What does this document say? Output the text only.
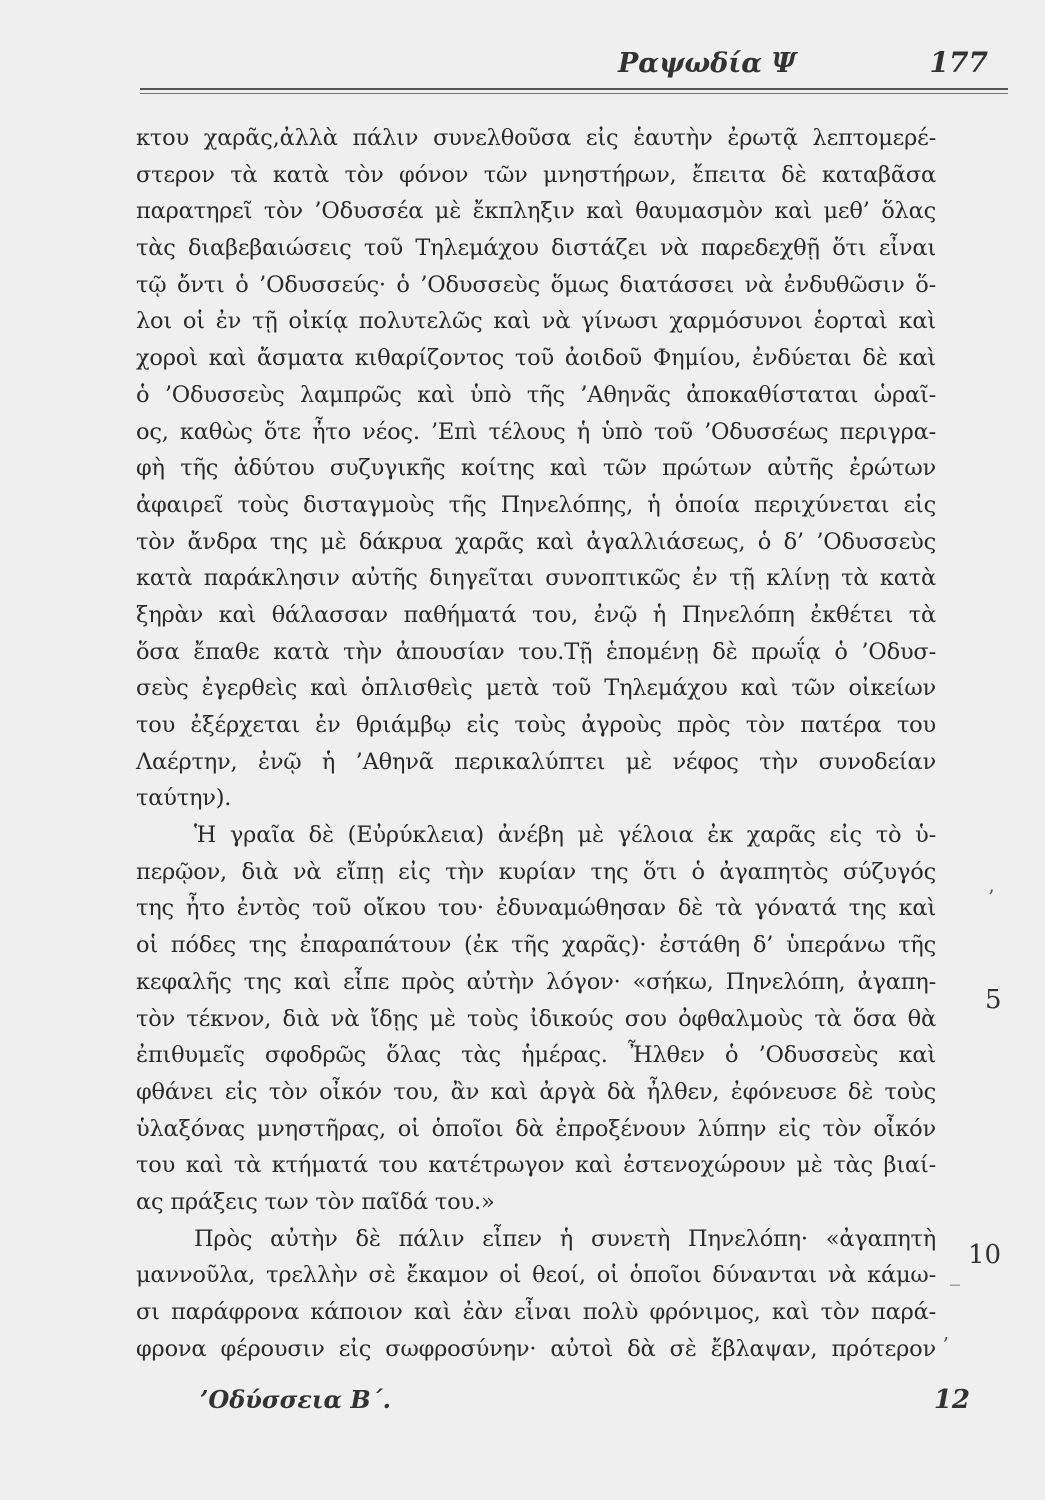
Ραψωδία Ψ	177
κτου χαρᾶς,ἀλλὰ πάλιν συνελθοῦσα εἰς ἑαυτὴν ἐρωτᾷ λεπτομερέ-
στερον τὰ κατὰ τὸν φόνον τῶν μνηστήρων, ἔπειτα δὲ καταβᾶσα
παρατηρεῖ τὸν ’Οδυσσέα μὲ ἔκπληξιν καὶ θαυμασμὸν καὶ μεθ’ ὅλας
τὰς διαβεβαιώσεις τοῦ Τηλεμάχου διστάζει νὰ παρεδεχθῇ ὅτι εἶναι
τῷ ὄντι ὁ ’Οδυσσεύς· ὁ ’Οδυσσεὺς ὅμως διατάσσει νὰ ἐνδυθῶσιν ὅ-
λοι οἱ ἐν τῇ οἰκίᾳ πολυτελῶς καὶ νὰ γίνωσι χαρμόσυνοι ἑορταὶ καὶ
χοροὶ καὶ ἄσματα κιθαρίζοντος τοῦ ἀοιδοῦ Φημίου, ἐνδύεται δὲ καὶ
ὁ ’Οδυσσεὺς λαμπρῶς καὶ ὑπὸ τῆς ’Αθηνᾶς ἀποκαθίσταται ὡραῖ-
ος, καθὼς ὅτε ἦτο νέος. ’Επὶ τέλους ἡ ὑπὸ τοῦ ’Οδυσσέως περιγρα-
φὴ τῆς ἀδύτου συζυγικῆς κοίτης καὶ τῶν πρώτων αὐτῆς ἐρώτων
ἀφαιρεῖ τοὺς δισταγμοὺς τῆς Πηνελόπης, ἡ ὁποία περιχύνεται εἰς
τὸν ἄνδρα της μὲ δάκρυα χαρᾶς καὶ ἀγαλλιάσεως, ὁ δ’ ’Οδυσσεὺς
κατὰ παράκλησιν αὐτῆς διηγεῖται συνοπτικῶς ἐν τῇ κλίνῃ τὰ κατὰ
ξηρὰν καὶ θάλασσαν παθήματά του, ἐνῷ ἡ Πηνελόπη ἐκθέτει τὰ
ὅσα ἔπαθε κατὰ τὴν ἀπουσίαν του.Τῇ ἑπομένῃ δὲ πρωΐᾳ ὁ ’Οδυσ-
σεὺς ἐγερθεὶς καὶ ὁπλισθεὶς μετὰ τοῦ Τηλεμάχου καὶ τῶν οἰκείων
του ἐξέρχεται ἐν θριάμβῳ εἰς τοὺς ἀγροὺς πρὸς τὸν πατέρα του
Λαέρτην, ἐνῷ ἡ ’Αθηνᾶ περικαλύπτει μὲ νέφος τὴν συνοδείαν
ταύτην).
Ἡ γραῖα δὲ (Εὐρύκλεια) ἀνέβη μὲ γέλοια ἐκ χαρᾶς εἰς τὸ ὑ-
περῷον, διὰ νὰ εἴπῃ εἰς τὴν κυρίαν της ὅτι ὁ ἀγαπητὸς σύζυγός
της ἦτο ἐντὸς τοῦ οἴκου του· ἐδυναμώθησαν δὲ τὰ γόνατά της καὶ
οἱ πόδες της ἐπαραπάτουν (ἐκ τῆς χαρᾶς)· ἐστάθη δ’ ὑπεράνω τῆς
κεφαλῆς της καὶ εἶπε πρὸς αὐτὴν λόγον· «σήκω, Πηνελόπη, ἀγαπη-
τὸν τέκνον, διὰ νὰ ἴδῃς μὲ τοὺς ἰδικούς σου ὀφθαλμοὺς τὰ ὅσα θὰ
ἐπιθυμεῖς σφοδρῶς ὅλας τὰς ἡμέρας. Ἦλθεν ὁ ’Οδυσσεὺς καὶ
φθάνει εἰς τὸν οἶκόν του, ἂν καὶ ἀργὰ δὰ ἦλθεν, ἐφόνευσε δὲ τοὺς
ὑλαξόνας μνηστῆρας, οἱ ὁποῖοι δὰ ἐπροξένουν λύπην εἰς τὸν οἶκόν
του καὶ τὰ κτήματά του κατέτρωγον καὶ ἐστενοχώρουν μὲ τὰς βιαί-
ας πράξεις των τὸν παῖδά του.»
Πρὸς αὐτὴν δὲ πάλιν εἶπεν ἡ συνετὴ Πηνελόπη· «ἀγαπητὴ
μαννοῦλα, τρελλὴν σὲ ἔκαμον οἱ θεοί, οἱ ὁποῖοι δύνανται νὰ κάμω-
σι παράφρονα κάποιον καὶ ἐὰν εἶναι πολὺ φρόνιμος, καὶ τὸν παρά-
φρονα φέρουσιν εἰς σωφροσύνην· αὐτοὶ δὰ σὲ ἔβλαψαν, πρότερον
5
10
’
_
,
’Οδύσσεια Β΄.	12
